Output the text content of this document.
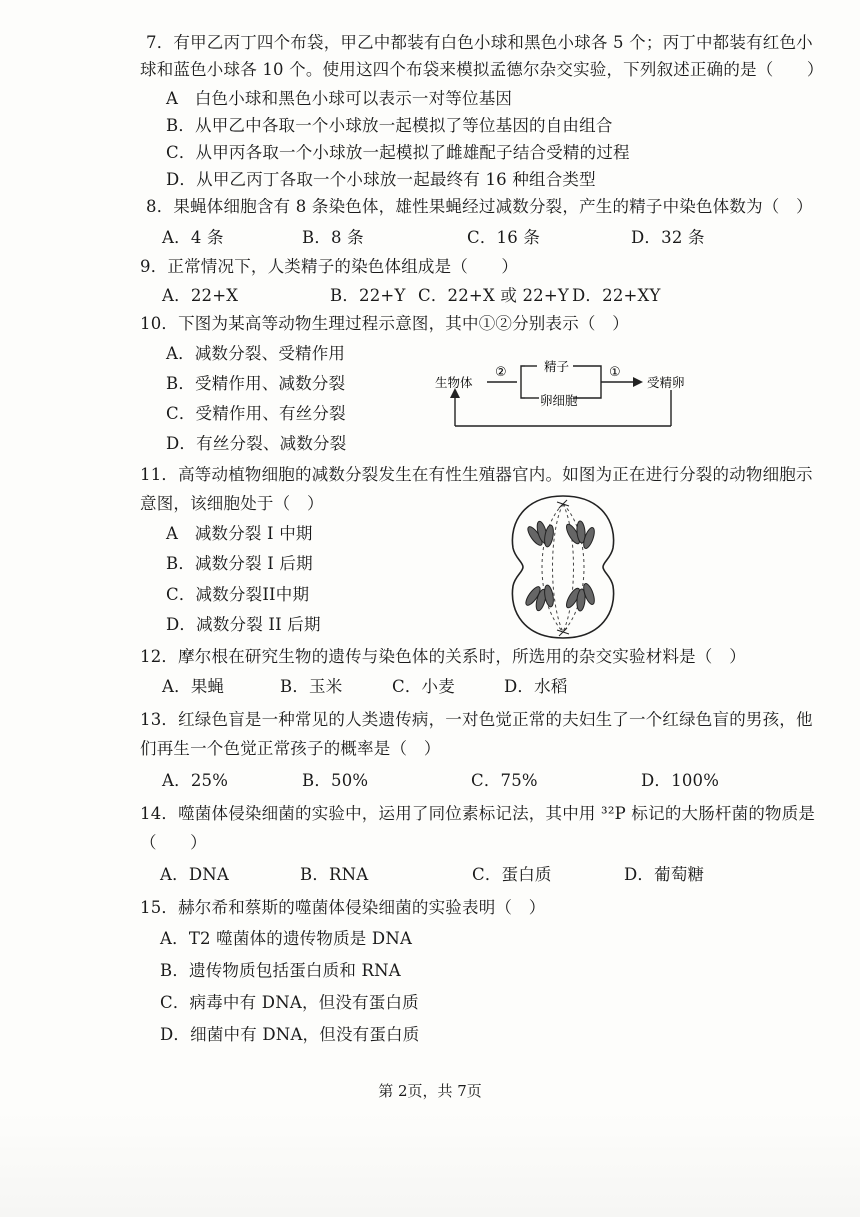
7．有甲乙丙丁四个布袋，甲乙中都装有白色小球和黑色小球各 5 个；丙丁中都装有红色小
球和蓝色小球各 10 个。使用这四个布袋来模拟孟德尔杂交实验，下列叙述正确的是（　　）
A　白色小球和黑色小球可以表示一对等位基因
B．从甲乙中各取一个小球放一起模拟了等位基因的自由组合
C．从甲丙各取一个小球放一起模拟了雌雄配子结合受精的过程
D．从甲乙丙丁各取一个小球放一起最终有 16 种组合类型
8．果蝇体细胞含有 8 条染色体，雄性果蝇经过减数分裂，产生的精子中染色体数为（　）
A．4 条	B．8 条	C．16 条	D．32 条
9．正常情况下，人类精子的染色体组成是（　　）
A．22+X	B．22+Y C．22+X 或 22+Y D．22+XY
10．下图为某高等动物生理过程示意图，其中①②分别表示（　）
A．减数分裂、受精作用
B．受精作用、减数分裂
C．受精作用、有丝分裂
D．有丝分裂、减数分裂
生物体
②	精子
卵细胞
①
受精卵
11．高等动植物细胞的减数分裂发生在有性生殖器官内。如图为正在进行分裂的动物细胞示
意图，该细胞处于（　）
A　减数分裂 I 中期
B．减数分裂 I 后期
C．减数分裂II中期
D．减数分裂 II 后期
12．摩尔根在研究生物的遗传与染色体的关系时，所选用的杂交实验材料是（　）
A．果蝇	B．玉米	C．小麦	D．水稻
13．红绿色盲是一种常见的人类遗传病，一对色觉正常的夫妇生了一个红绿色盲的男孩，他
们再生一个色觉正常孩子的概率是（　）
A．25%	B．50%	C．75%	D．100%
14．噬菌体侵染细菌的实验中，运用了同位素标记法，其中用 ³²P 标记的大肠杆菌的物质是
（　　）
A．DNA	B．RNA	C．蛋白质	D．葡萄糖
15．赫尔希和蔡斯的噬菌体侵染细菌的实验表明（　）
A．T2 噬菌体的遗传物质是 DNA
B．遗传物质包括蛋白质和 RNA
C．病毒中有 DNA，但没有蛋白质
D．细菌中有 DNA，但没有蛋白质
第 2页，共 7页
